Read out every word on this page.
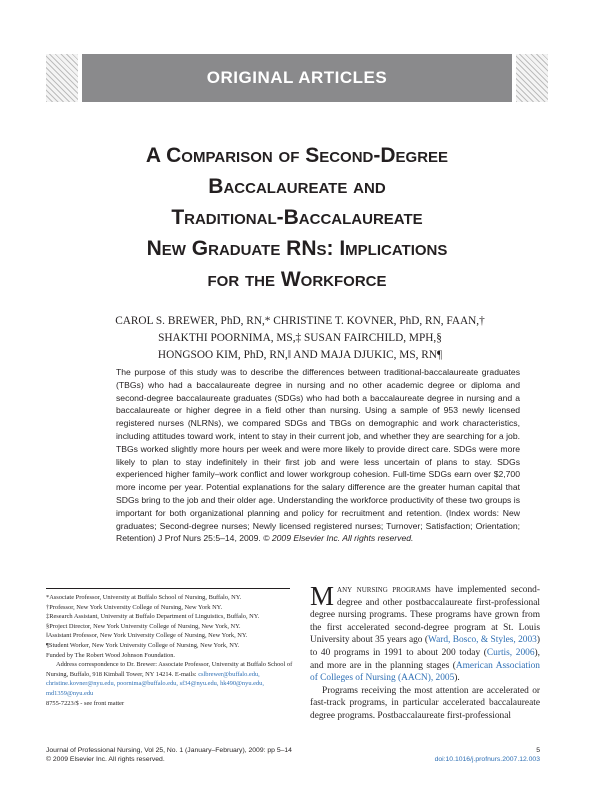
ORIGINAL ARTICLES
A Comparison of Second-Degree
Baccalaureate and
Traditional-Baccalaureate
New Graduate RNs: Implications
for the Workforce
CAROL S. BREWER, PhD, RN,* CHRISTINE T. KOVNER, PhD, RN, FAAN,†
SHAKTHI POORNIMA, MS,‡ SUSAN FAIRCHILD, MPH,§
HONGSOO KIM, PhD, RN,‖ AND MAJA DJUKIC, MS, RN¶
The purpose of this study was to describe the differences between traditional-baccalaureate graduates (TBGs) who had a baccalaureate degree in nursing and no other academic degree or diploma and second-degree baccalaureate graduates (SDGs) who had both a baccalaureate degree in nursing and a baccalaureate or higher degree in a field other than nursing. Using a sample of 953 newly licensed registered nurses (NLRNs), we compared SDGs and TBGs on demographic and work characteristics, including attitudes toward work, intent to stay in their current job, and whether they are searching for a job. TBGs worked slightly more hours per week and were more likely to provide direct care. SDGs were more likely to plan to stay indefinitely in their first job and were less uncertain of plans to stay. SDGs experienced higher family–work conflict and lower workgroup cohesion. Full-time SDGs earn over $2,700 more income per year. Potential explanations for the salary difference are the greater human capital that SDGs bring to the job and their older age. Understanding the workforce productivity of these two groups is important for both organizational planning and policy for recruitment and retention. (Index words: New graduates; Second-degree nurses; Newly licensed registered nurses; Turnover; Satisfaction; Orientation; Retention) J Prof Nurs 25:5–14, 2009. © 2009 Elsevier Inc. All rights reserved.

*Associate Professor, University at Buffalo School of Nursing, Buffalo, NY.

†Professor, New York University College of Nursing, New York NY.

‡Research Assistant, University at Buffalo Department of Linguistics, Buffalo, NY.

§Project Director, New York University College of Nursing, New York, NY.

‖Assistant Professor, New York University College of Nursing, New York, NY.

¶Student Worker, New York University College of Nursing, New York, NY.

Funded by The Robert Wood Johnson Foundation.

Address correspondence to Dr. Brewer: Associate Professor, University at Buffalo School of Nursing, Buffalo, 918 Kimball Tower, NY 14214. E-mails: cslbrewer@buffalo.edu, christine.kovner@nyu.edu, poornima@buffalo.edu, sf34@nyu.edu, hk490@nyu.edu, md1359@nyu.edu

8755-7223/$ - see front matter

Many nursing programs have implemented second-degree and other postbaccalaureate first-professional degree nursing programs. These programs have grown from the first accelerated second-degree program at St. Louis University about 35 years ago (Ward, Bosco, & Styles, 2003) to 40 programs in 1991 to about 200 today (Curtis, 2006), and more are in the planning stages (American Association of Colleges of Nursing (AACN), 2005).

Programs receiving the most attention are accelerated or fast-track programs, in particular accelerated baccalaureate degree programs. Postbaccalaureate first-professional

Journal of Professional Nursing, Vol 25, No. 1 (January–February), 2009: pp 5–14
© 2009 Elsevier Inc. All rights reserved.
5
doi:10.1016/j.profnurs.2007.12.003
